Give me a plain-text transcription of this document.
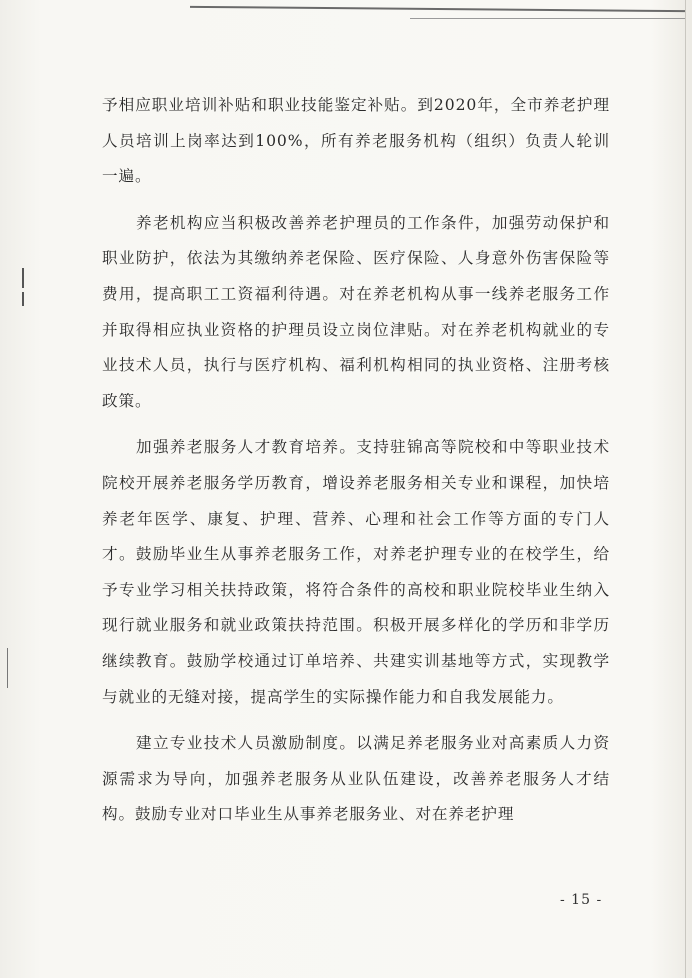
予相应职业培训补贴和职业技能鉴定补贴。到2020年，全市养老护理人员培训上岗率达到100%，所有养老服务机构（组织）负责人轮训一遍。

养老机构应当积极改善养老护理员的工作条件，加强劳动保护和职业防护，依法为其缴纳养老保险、医疗保险、人身意外伤害保险等费用，提高职工工资福利待遇。对在养老机构从事一线养老服务工作并取得相应执业资格的护理员设立岗位津贴。对在养老机构就业的专业技术人员，执行与医疗机构、福利机构相同的执业资格、注册考核政策。

加强养老服务人才教育培养。支持驻锦高等院校和中等职业技术院校开展养老服务学历教育，增设养老服务相关专业和课程，加快培养老年医学、康复、护理、营养、心理和社会工作等方面的专门人才。鼓励毕业生从事养老服务工作，对养老护理专业的在校学生，给予专业学习相关扶持政策，将符合条件的高校和职业院校毕业生纳入现行就业服务和就业政策扶持范围。积极开展多样化的学历和非学历继续教育。鼓励学校通过订单培养、共建实训基地等方式，实现教学与就业的无缝对接，提高学生的实际操作能力和自我发展能力。

建立专业技术人员激励制度。以满足养老服务业对高素质人力资源需求为导向，加强养老服务从业队伍建设，改善养老服务人才结构。鼓励专业对口毕业生从事养老服务业、对在养老护理

- 15 -
